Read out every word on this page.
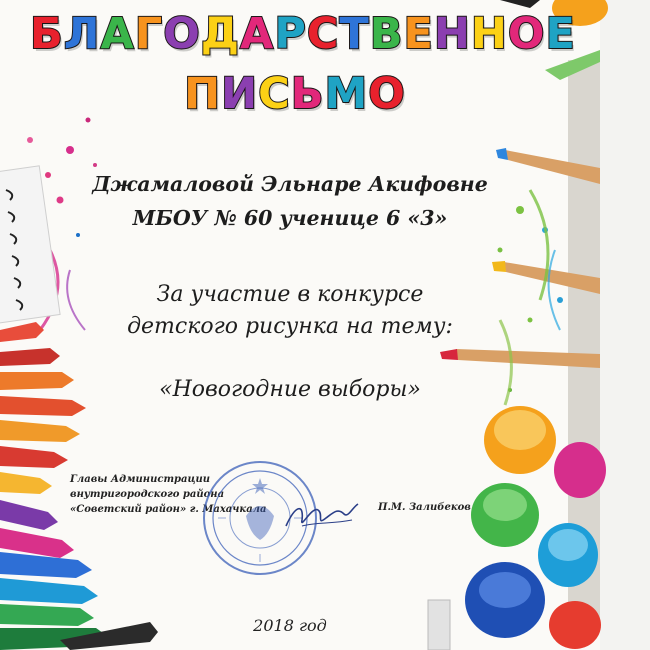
БЛАГОДАРСТВЕННОЕ
ПИСЬМО

Джамаловой Эльнаре Акифовне

МБОУ № 60 ученице 6 «3»

За участие в конкурсе

детского рисунка на тему:

«Новогодние выборы»

Главы Администрации
внутригородского района
«Советский район» г. Махачкала	П.М. Залибеков
2018 год
